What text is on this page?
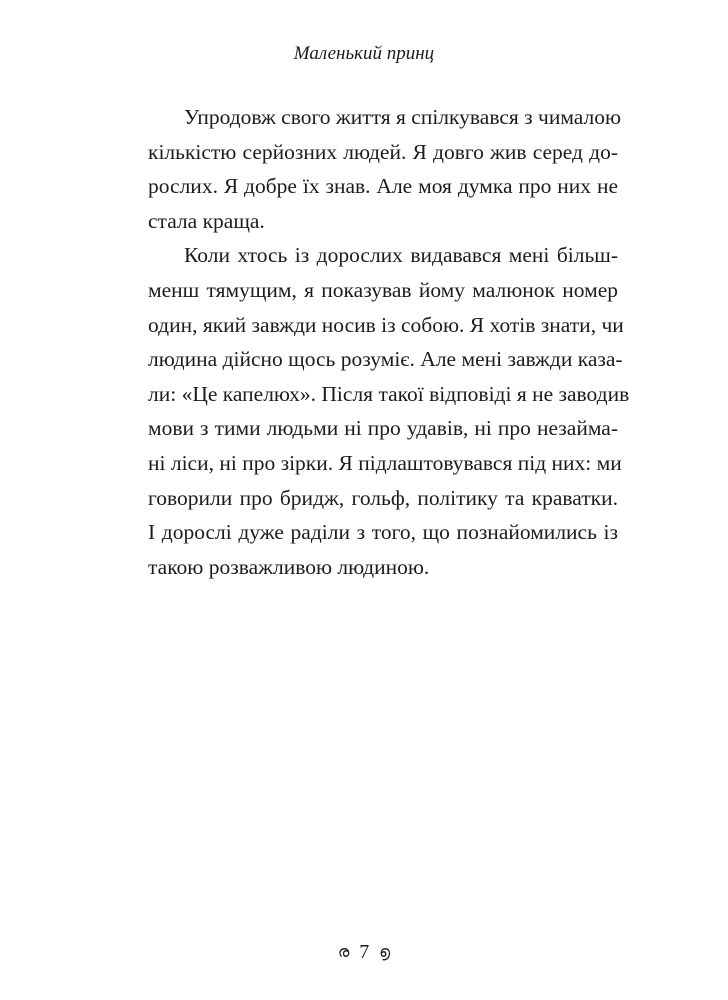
Маленький принц
Упродовж свого життя я спілкувався з чималою
кількістю серйозних людей. Я довго жив серед до-
рослих. Я добре їх знав. Але моя думка про них не
стала краща.
Коли хтось із дорослих видавався мені більш-
менш тямущим, я показував йому малюнок номер
один, який завжди носив із собою. Я хотів знати, чи
людина дійсно щось розуміє. Але мені завжди каза-
ли: «Це капелюх». Після такої відповіді я не заводив
мови з тими людьми ні про удавів, ні про незайма-
ні ліси, ні про зірки. Я підлаштовувався під них: ми
говорили про бридж, гольф, політику та краватки.
І дорослі дуже раділи з того, що познайомились із
такою розважливою людиною.
ര 7 ൭
